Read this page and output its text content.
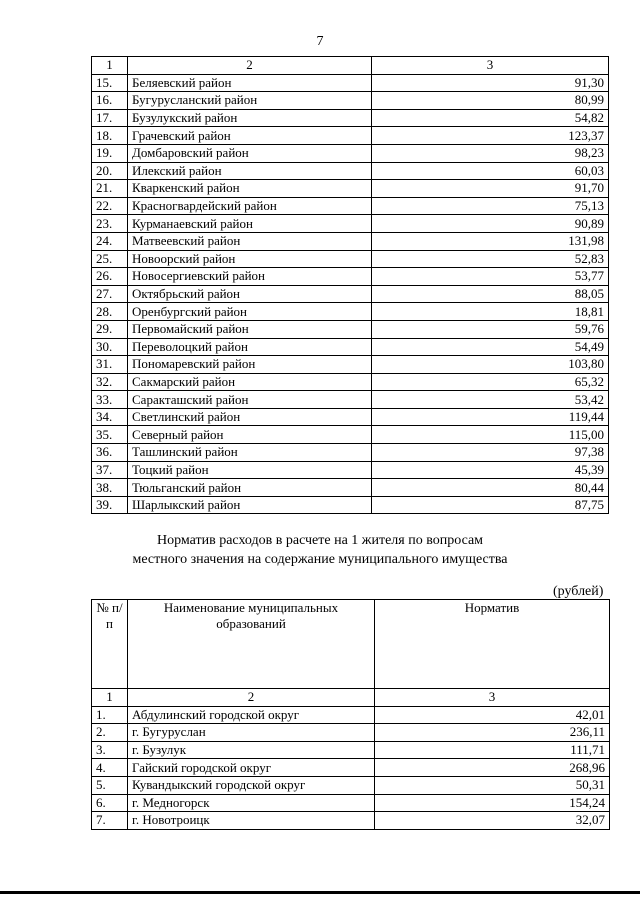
7
1	2	3
15.	Беляевский район	91,30
16.	Бугурусланский район	80,99
17.	Бузулукский район	54,82
18.	Грачевский район	123,37
19.	Домбаровский район	98,23
20.	Илекский район	60,03
21.	Кваркенский район	91,70
22.	Красногвардейский район	75,13
23.	Курманаевский район	90,89
24.	Матвеевский район	131,98
25.	Новоорский район	52,83
26.	Новосергиевский район	53,77
27.	Октябрьский район	88,05
28.	Оренбургский район	18,81
29.	Первомайский район	59,76
30.	Переволоцкий район	54,49
31.	Пономаревский район	103,80
32.	Сакмарский район	65,32
33.	Саракташский район	53,42
34.	Светлинский район	119,44
35.	Северный район	115,00
36.	Ташлинский район	97,38
37.	Тоцкий район	45,39
38.	Тюльганский район	80,44
39.	Шарлыкский район	87,75
Норматив расходов в расчете на 1 жителя по вопросам
местного значения на содержание муниципального имущества
(рублей)
№ п/п	Наименование муниципальных образований	Норматив
1	2	3
1.	Абдулинский городской округ	42,01
2.	г. Бугуруслан	236,11
3.	г. Бузулук	111,71
4.	Гайский городской округ	268,96
5.	Кувандыкский городской округ	50,31
6.	г. Медногорск	154,24
7.	г. Новотроицк	32,07
